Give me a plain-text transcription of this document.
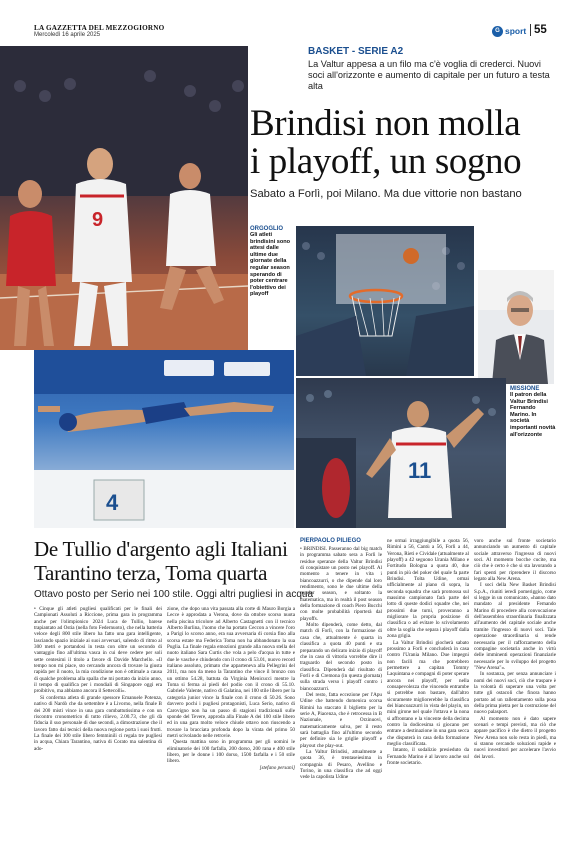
LA GAZZETTA DEL MEZZOGIORNO
Mercoledì 16 aprile 2025
G sport 55
9
BASKET - SERIE A2
La Valtur appesa a un filo ma c'è voglia di crederci. Nuovi soci all'orizzonte e aumento di capitale per un futuro a testa alta
Brindisi non molla
i playoff, un sogno
Sabato a Forlì, poi Milano. Ma due vittorie non bastano
ORGOGLIO
Gli atleti brindisini sono attesi dalle ultime due giornate della regular season sperando di poter centrare l'obiettivo dei playoff
MISSIONE
Il patron della Valtur Brindisi Fernando Marino. In società importanti novità all'orizzonte
11
4
De Tullio d'argento agli Italiani
Tarantino terza, Toma quarta
Ottavo posto per Serio nei 100 stile. Oggi altri pugliesi in acqua

• Cinque gli atleti pugliesi qualificati per le finali dei Campionati Assoluti a Riccione, prima gara in programma anche per l'olimpionico 2024 Luca de Tullio, barese trapiantato ad Ostia (nella foto Federnuoto), che nella batteria veloce degli 800 stile libero ha fatto una gara intelligente, lasciando spazio iniziale ai suoi avversari, salendo di ritmo al 300 metri e portandosi in testa con oltre un secondo di vantaggio fino all'ultima vasca in cui deve cedere per soli sette centesimi il titolo a favore di Davide Marchello. «Il tempo non mi piace, sto cercando ancora di trovare la giusta rapida per il nuoto, la mia condizione non è ottimale a causa di qualche problema alla spalla che mi portato da inizio anno, il tempo di qualifica per i mondiali di Singapore oggi era proibitivo, ma abbiamo ancora il Settecolli».

Si conferma atleta di grande spessore Emanuele Potenza, nativo di Nardò che da settembre è a Livorno, nella finale B dei 200 misti vince in una gara combattutissima e con un riscontro cronometrico di tutto rilievo, 2.00.73, che gli dà fiducia il suo personale di due secondi, a dimostrazione che il lavoro fatto dai tecnici della nuova regione porta i suoi frutti. La finale dei 100 stile libero femminili ci regala tre pugliesi in acqua, Chiara Tarantino, nativa di Corato ma salentina di ado-

zione, che dopo una vita passata alla corte di Mauro Borgia a Lecce è approdata a Verona, dove da ottobre scorso nuota nella piscina tricolore ad Alberto Castagnetti con il tecnico Alberto Burlina, l'uomo che ha portato Ceccon a vincere l'oro a Parigi lo scorso anno, era sua avversaria di corsia fino alla scorsa estate ma Federica Toma non ha abbandonato la sua Puglia. La finale regala emozioni grande alla nuova stella del nuoto italiano Sara Curtis che vola a pelo d'acqua in tutte e due le vasche e chiudendo con il crono di 53.01, nuovo record italiano assoluto, primato che apparteneva alla Pellegrini del 2011, ma non da meno la Tarantino che vince il bronzo con un ottimo 54.28, battuta da Virginia Menicucci mentre la Toma si ferma ai piedi del podio con il crono di 55.10. Gabriele Valente, nativo di Galatina, nei 100 stile libero per la categoria junior vince la finale con il crono di 50.26. Sono davvero pochi i pugliesi protagonisti, Luca Serio, nativo di Carovigno non ha un passo di stagioni tradizionali sulle sponde del Tevere, approda alla Finale A dei 100 stile libero ed in una gara molto veloce chiude ottavo non riuscendo a trovare la bracciata profonda dopo la virata del primo 50 metri scivolando nelle retrovie.

Questa mattina sono in programma per gli uomini le eliminatorie dei 100 farfalla, 200 dorso, 200 rana e 400 stile libero, per le donne i 100 dorso, 1500 farfalla e i 50 stile libero.

[stefano persani]

PIERPAOLO PILIEGO

• BRINDISI. Passeranno dal big match in programma sabato sera a Forlì le residue speranze della Valtur Brindisi di conquistare un posto nei playoff. Al momento a tenere in vita i biancoazzurri, o che dipende dal loro rendimento, sono le due ultime della regular season, e soltanto la matematica, ma in realtà il post season della formazione di coach Piero Bucchi con molte probabilità riporterà dal playoffs.

Molto dipenderà, come detto, dal match di Forlì, con la formazione di casa che, attualmente è quarta in classifica a quota 40 punti e sta preparando un delicato inizio di playoff che in caso di vittoria vorrebbe dire il traguardo del secondo posto in classifica. Dipenderà dal risultato di Forlì e di Cremona (in questa giornata) sulla strada verso i playoff contro i biancoazzurri.

Del resto, fatta eccezione per l'Apu Udine che battendo domenica scorsa Rimini ha staccato il biglietto per la serie A, Piacenza, che è retrocessa in B Nazionale, e Orzinuovi, matematicamente salva, per il resto sarà battaglia fino all'ultimo secondo per definire sia le griglie playoff e playout che play-out.

La Valtur Brindisi, attualmente a quota 36, è trentaseiesima in compagnia di Pesaro, Avellino e Torino, in una classifica che ad oggi vede la capolista Udine

ne ormai irraggiungibile a quota 56, Rimini a 56, Cantù a 56, Forlì a 44, Verona, Rieti e Cividale (attualmente al playoff) a 42 seguono Urania Milano e Fortitudo Bologna a quota 40, due punti in più del poker del quale fa parte Brindisi. Tolta Udine, ormai ufficialmente al piano di sopra, la seconda squadra che sarà promossa sul massimo campionato farà parte del lotto di queste dodici squadre che, nei prossimi due turni, proveranno a migliorare la propria posizione di classifica o ad evitare lo scivolamento oltre la soglia che separa i playoff dalla zona grigia.

La Valtur Brindisi giocherà sabato prossimo a Forlì e concluderà in casa contro l'Urania Milano. Due impegni non facili ma che potrebbero permettere a capitan Tommy Laquintana e compagni di poter sperare ancora nei playoff, per nella consapevolezza che vincendo entrambe si potrebbe non bastare, dall'altro sicuramente migliorerebbe la classifica dei biancoazzurri in vista del playin, un mini girone nel quale l'ottava e la nona si affrontano e la vincente della decima contro la dodicesima si giocano per entrare a destinazione in una gara secca che disputerà in casa della formazione meglio classificata.

Intanto, il sodalizio presieduto da Fernando Marino è al lavoro anche sul fronte societario.

vоro anche sul fronte societario annunciando un aumento di capitale sociale attraverso l'ingresso di nuovi soci. Al momento bocche cucite, ma ciò che è certo è che si sta lavorando a fari spenti per riprendere il discorso legato alla New Arena.

I soci della New Basket Brindisi S.p.A., riuniti ieredì pomeriggio, come si legge in un comunicato, «hanno dato mandato al presidente Fernando Marino di procedere alla convocazione dell'assemblea straordinaria finalizzata all'aumento del capitale sociale anche tramite l'ingresso di nuovi soci. Tale operazione straordinaria si rende necessaria per il rafforzamento della compagine societaria anche in virtù delle imminenti operazioni finanziarie necessarie per lo sviluppo del progetto "New Arena"».

In sostanza, per senza annunciare i nomi dei nuovi soci, ciò che traspare è la volontà di superare una volta per tutte gli ostacoli che finora hanno portato ad un rallentamento sulla posa della prima pietra per la costruzione del nuovo palasport.

Al momento non è dato sapere scenari e tempi previsti, ma ciò che appare pacifico è che dietro il progetto New Arena non solo resta in piedi, ma si stanno cercando soluzioni rapide e nuovi investitori per accelerare l'avvio dei lavori.
